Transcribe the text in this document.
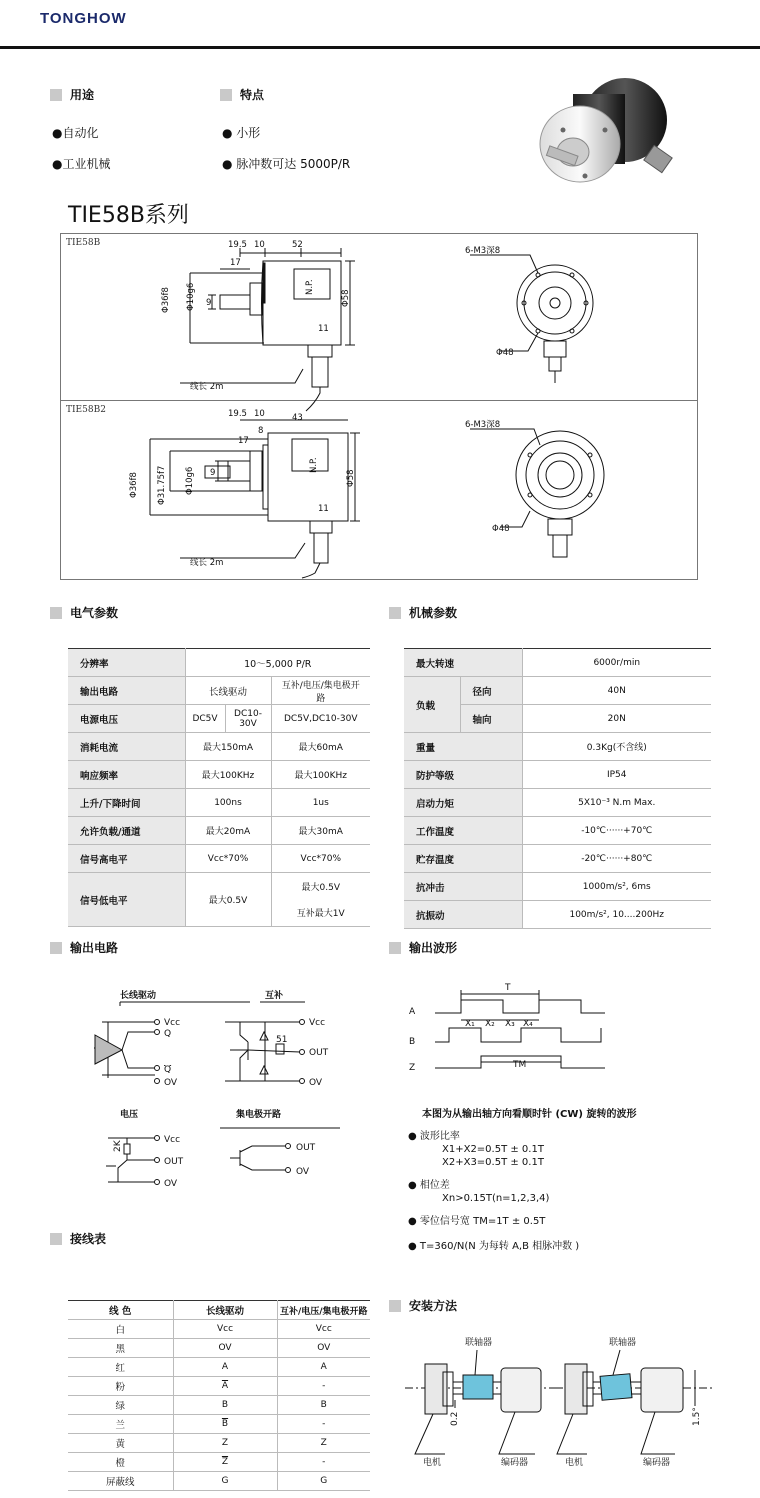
TONGHOW
用途
●自动化
●工业机械
特点
● 小形
● 脉冲数可达 5000P/R
TIE58B系列
TIE58B
TIE58B2
19.5 10	52
17
Φ36f8 Φ10g6 9
N.P.
Φ58
11
6-M3深8
Φ48
线长 2m
19.5 10	43
17
8
Φ36f8 Φ31.75f7 Φ10g6 9	N.P.
Φ58
11
6-M3深8
Φ48
线长 2m
电气参数
分辨率	10～5,000 P/R		
输出电路	长线驱动		互补/电压/集电极开路
电源电压	DC5V	DC10-30V	DC5V,DC10-30V
消耗电流	最大150mA		最大60mA
响应频率	最大100KHz		最大100KHz
上升/下降时间	100ns		1us
允许负载/通道	最大20mA		最大30mA
信号高电平	Vcc*70%		Vcc*70%
信号低电平	最大0.5V		最大0.5V
			互补最大1V
机械参数
最大转速		6000r/min
负载	径向	40N
	轴向	20N
重量		0.3Kg(不含线)
防护等级		IP54
启动力矩		5X10⁻³ N.m Max.
工作温度		-10℃······+70℃
贮存温度		-20℃······+80℃
抗冲击		1000m/s², 6ms
抗振动		100m/s², 10....200Hz
输出电路
长线驱动	互补
Vcc
Q
Q
OV
Vcc
51
OUT
OV
电压	集电极开路
Vcc
2K
OUT
OV
OUT
OV
输出波形
A
B
Z
T
X₁ X₂ X₃ X₄
TM
本图为从输出轴方向看顺时针 (CW) 旋转的波形
● 波形比率
X1+X2=0.5T ± 0.1T
X2+X3=0.5T ± 0.1T
● 相位差
Xn>0.15T(n=1,2,3,4)
● 零位信号宽 TM=1T ± 0.5T
● T=360/N(N 为每转 A,B 相脉冲数 )
接线表
线 色	长线驱动	互补/电压/集电极开路
白	Vcc	Vcc
黑	OV	OV
红	A	A
粉	$\overline{A}$	-
绿	B	B
兰	$\overline{B}$	-
黄	Z	Z
橙	$\overline{Z}$	-
屏蔽线	G	G
安装方法
联轴器	联轴器
0.2	1.5°
电机	编码器	电机	编码器
